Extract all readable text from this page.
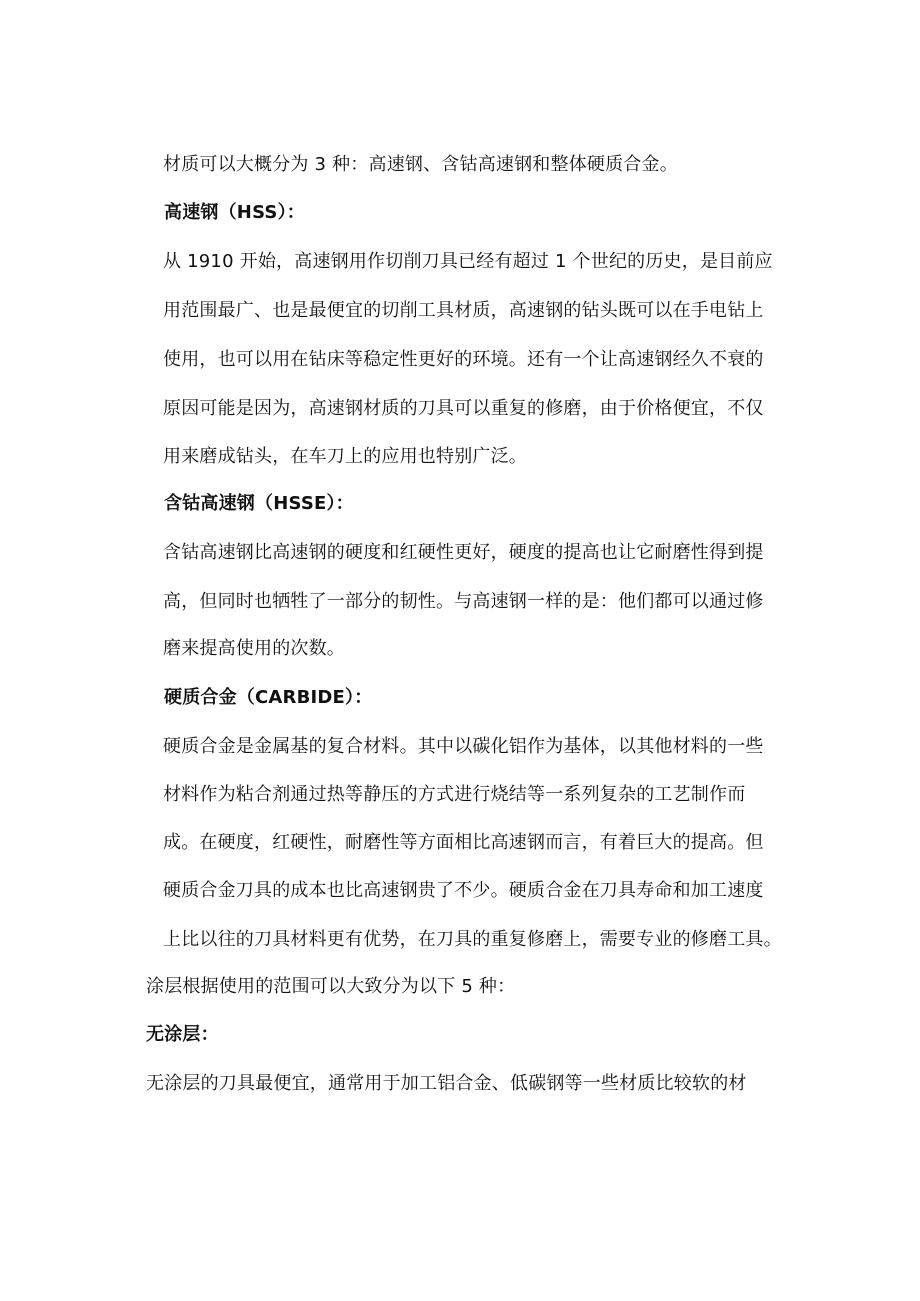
材质可以大概分为 3 种：高速钢、含钴高速钢和整体硬质合金。
高速钢（HSS）：
从 1910 开始，高速钢用作切削刀具已经有超过 1 个世纪的历史，是目前应
用范围最广、也是最便宜的切削工具材质，高速钢的钻头既可以在手电钻上
使用，也可以用在钻床等稳定性更好的环境。还有一个让高速钢经久不衰的
原因可能是因为，高速钢材质的刀具可以重复的修磨，由于价格便宜，不仅
用来磨成钻头，在车刀上的应用也特别广泛。
含钴高速钢（HSSE）：
含钴高速钢比高速钢的硬度和红硬性更好，硬度的提高也让它耐磨性得到提
高，但同时也牺牲了一部分的韧性。与高速钢一样的是：他们都可以通过修
磨来提高使用的次数。
硬质合金（CARBIDE）：
硬质合金是金属基的复合材料。其中以碳化铝作为基体，以其他材料的一些
材料作为粘合剂通过热等静压的方式进行烧结等一系列复杂的工艺制作而
成。在硬度，红硬性，耐磨性等方面相比高速钢而言，有着巨大的提高。但
硬质合金刀具的成本也比高速钢贵了不少。硬质合金在刀具寿命和加工速度
上比以往的刀具材料更有优势，在刀具的重复修磨上，需要专业的修磨工具。
涂层根据使用的范围可以大致分为以下 5 种：
无涂层：
无涂层的刀具最便宜，通常用于加工铝合金、低碳钢等一些材质比较软的材
